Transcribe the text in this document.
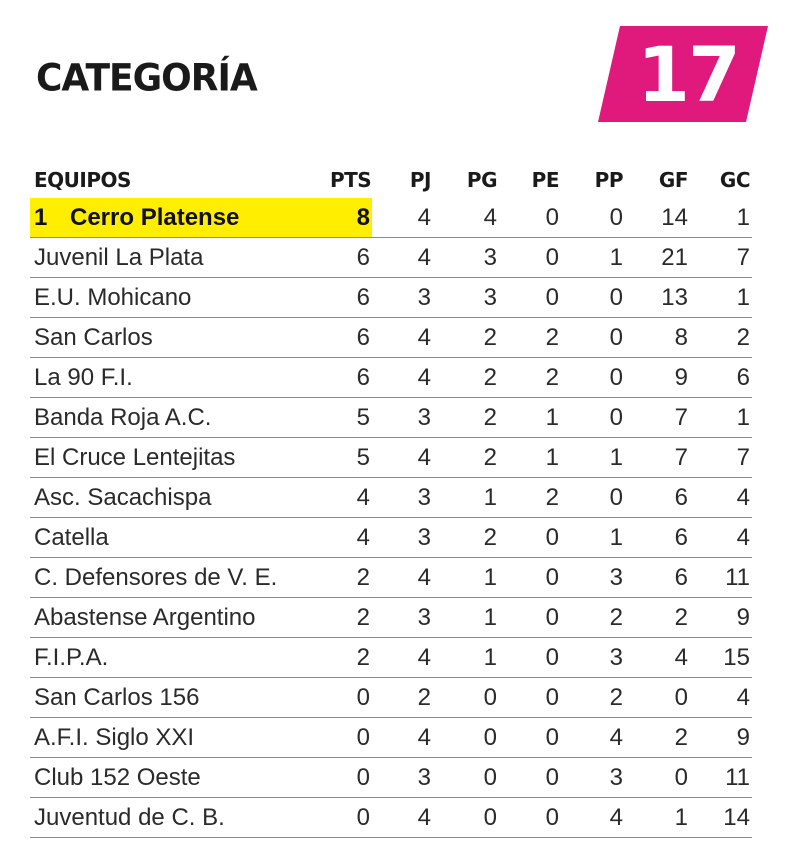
CATEGORÍA	17
EQUIPOS	PTS	PJ	PG	PE	PP	GF	GC
1 Cerro Platense	8	4	4	0	0	14	1
Juvenil La Plata	6	4	3	0	1	21	7
E.U. Mohicano	6	3	3	0	0	13	1
San Carlos	6	4	2	2	0	8	2
La 90 F.I.	6	4	2	2	0	9	6
Banda Roja A.C.	5	3	2	1	0	7	1
El Cruce Lentejitas	5	4	2	1	1	7	7
Asc. Sacachispa	4	3	1	2	0	6	4
Catella	4	3	2	0	1	6	4
C. Defensores de V. E.	2	4	1	0	3	6	11
Abastense Argentino	2	3	1	0	2	2	9
F.I.P.A.	2	4	1	0	3	4	15
San Carlos 156	0	2	0	0	2	0	4
A.F.I. Siglo XXI	0	4	0	0	4	2	9
Club 152 Oeste	0	3	0	0	3	0	11
Juventud de C. B.	0	4	0	0	4	1	14
